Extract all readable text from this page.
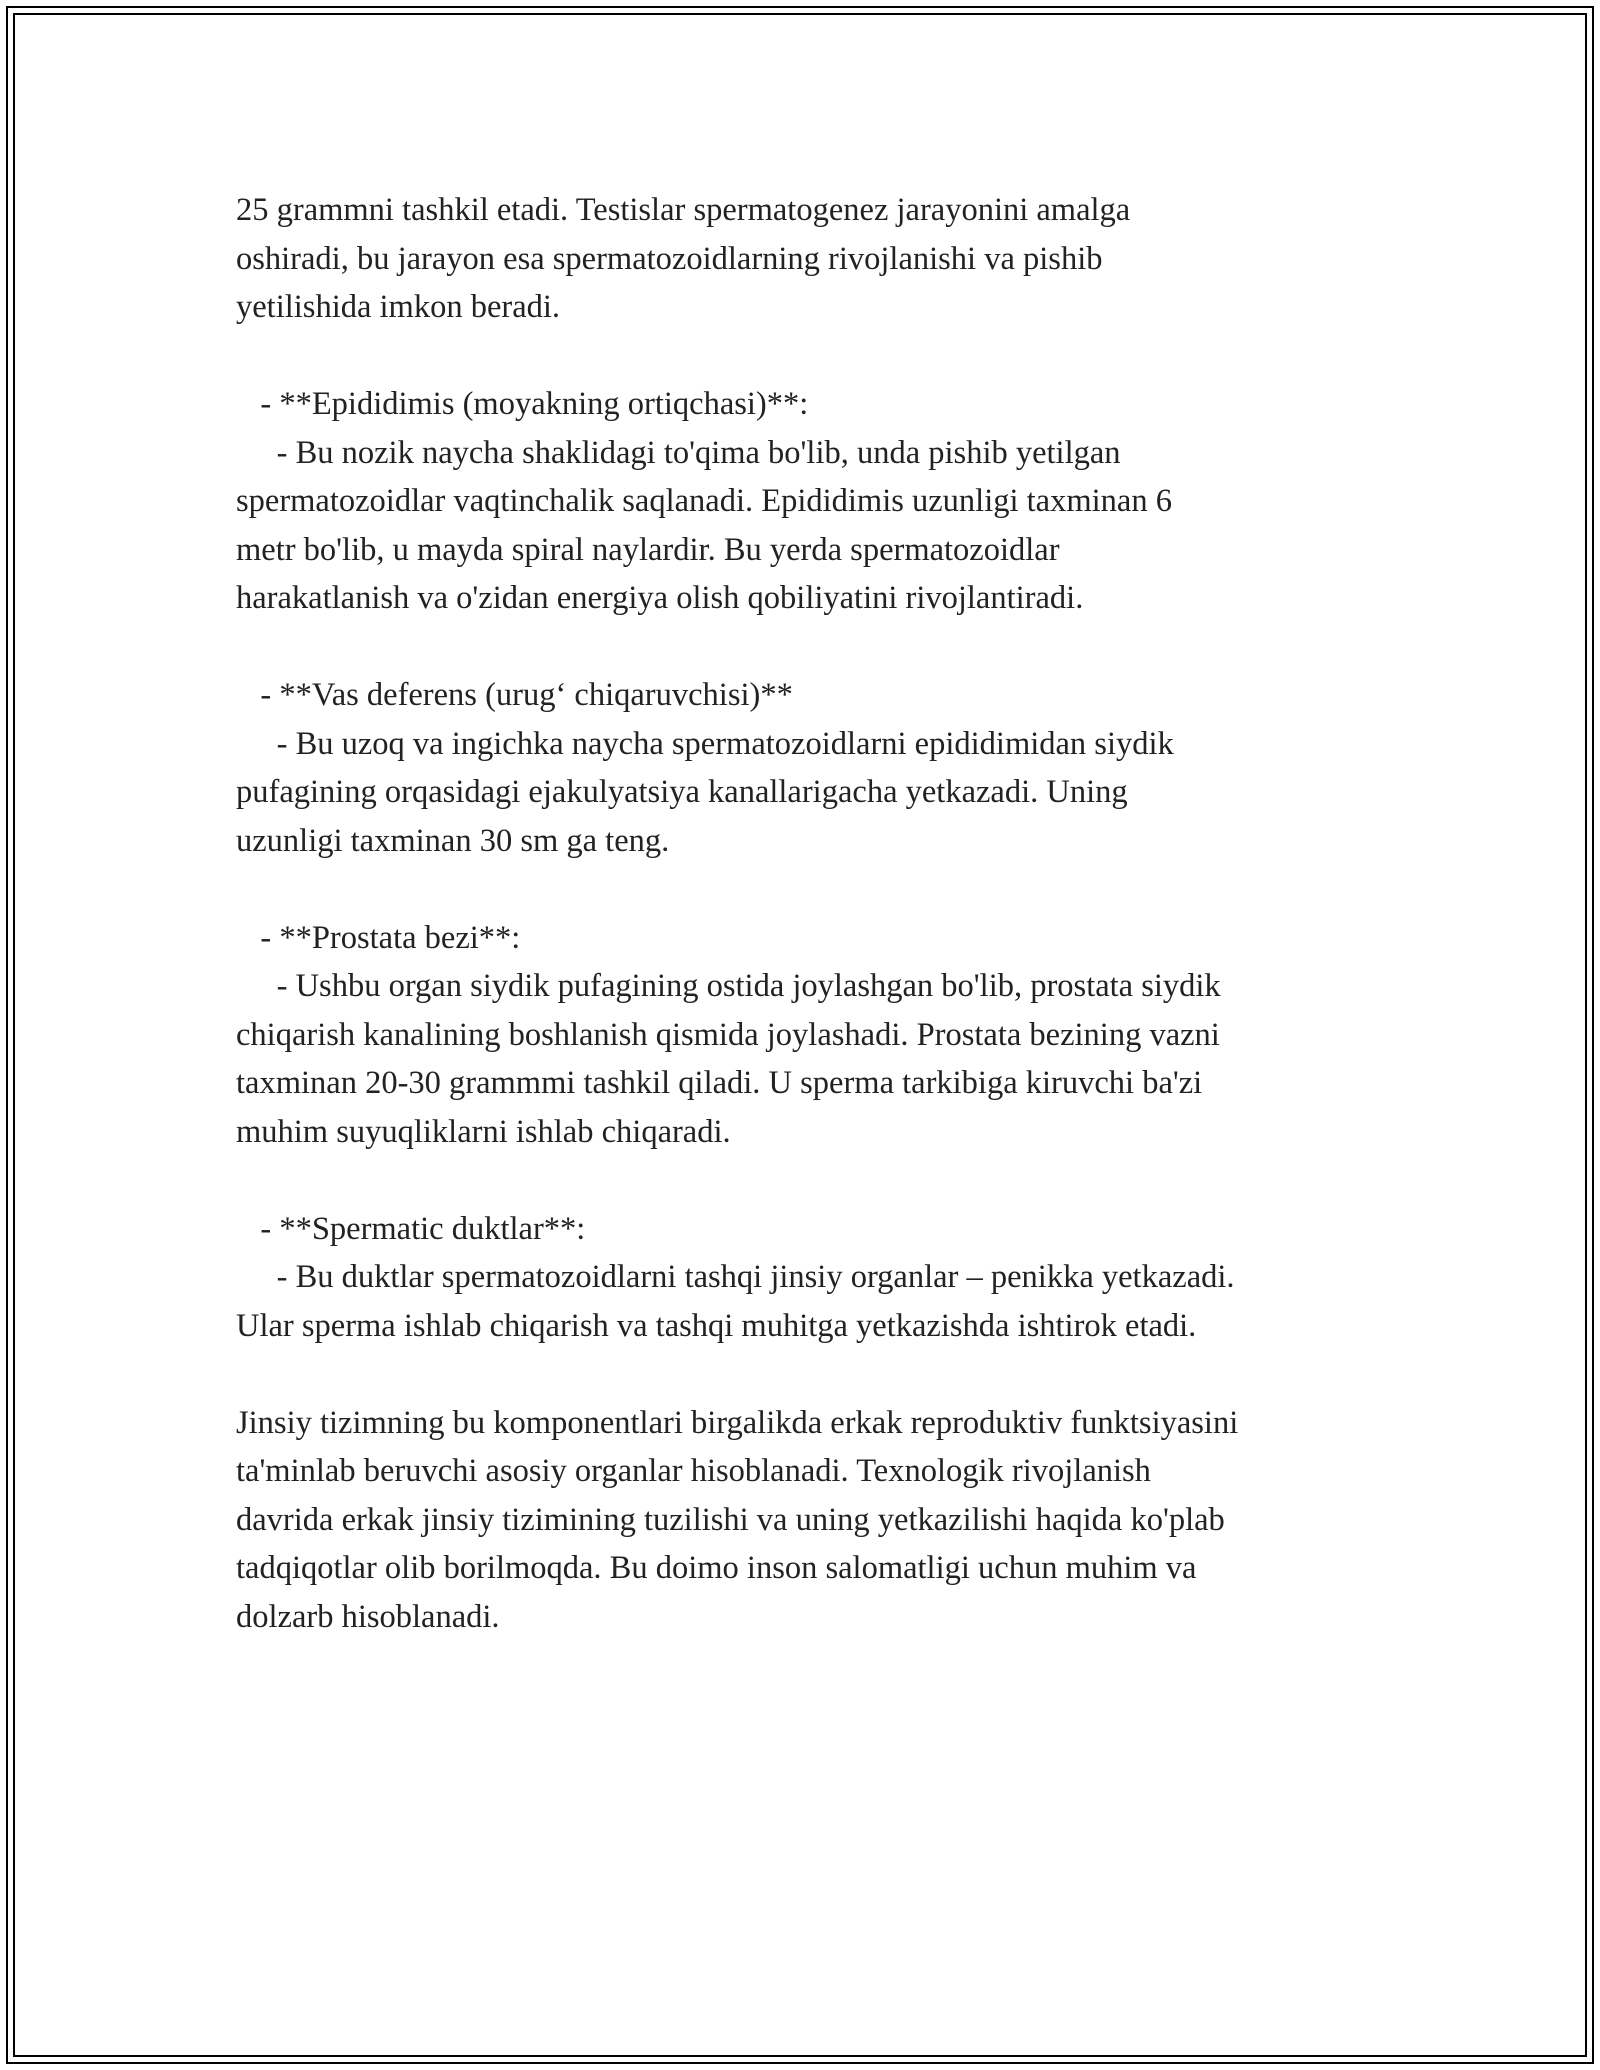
25 grammni tashkil etadi. Testislar spermatogenez jarayonini amalga
oshiradi, bu jarayon esa spermatozoidlarning rivojlanishi va pishib
yetilishida imkon beradi.
- **Epididimis (moyakning ortiqchasi)**:
- Bu nozik naycha shaklidagi to'qima bo'lib, unda pishib yetilgan
spermatozoidlar vaqtinchalik saqlanadi. Epididimis uzunligi taxminan 6
metr bo'lib, u mayda spiral naylardir. Bu yerda spermatozoidlar
harakatlanish va o'zidan energiya olish qobiliyatini rivojlantiradi.
- **Vas deferens (urug‘ chiqaruvchisi)**
- Bu uzoq va ingichka naycha spermatozoidlarni epididimidan siydik
pufagining orqasidagi ejakulyatsiya kanallarigacha yetkazadi. Uning
uzunligi taxminan 30 sm ga teng.
- **Prostata bezi**:
- Ushbu organ siydik pufagining ostida joylashgan bo'lib, prostata siydik
chiqarish kanalining boshlanish qismida joylashadi. Prostata bezining vazni
taxminan 20-30 grammmi tashkil qiladi. U sperma tarkibiga kiruvchi ba'zi
muhim suyuqliklarni ishlab chiqaradi.
- **Spermatic duktlar**:
- Bu duktlar spermatozoidlarni tashqi jinsiy organlar – penikka yetkazadi.
Ular sperma ishlab chiqarish va tashqi muhitga yetkazishda ishtirok etadi.
Jinsiy tizimning bu komponentlari birgalikda erkak reproduktiv funktsiyasini
ta'minlab beruvchi asosiy organlar hisoblanadi. Texnologik rivojlanish
davrida erkak jinsiy tizimining tuzilishi va uning yetkazilishi haqida ko'plab
tadqiqotlar olib borilmoqda. Bu doimo inson salomatligi uchun muhim va
dolzarb hisoblanadi.
